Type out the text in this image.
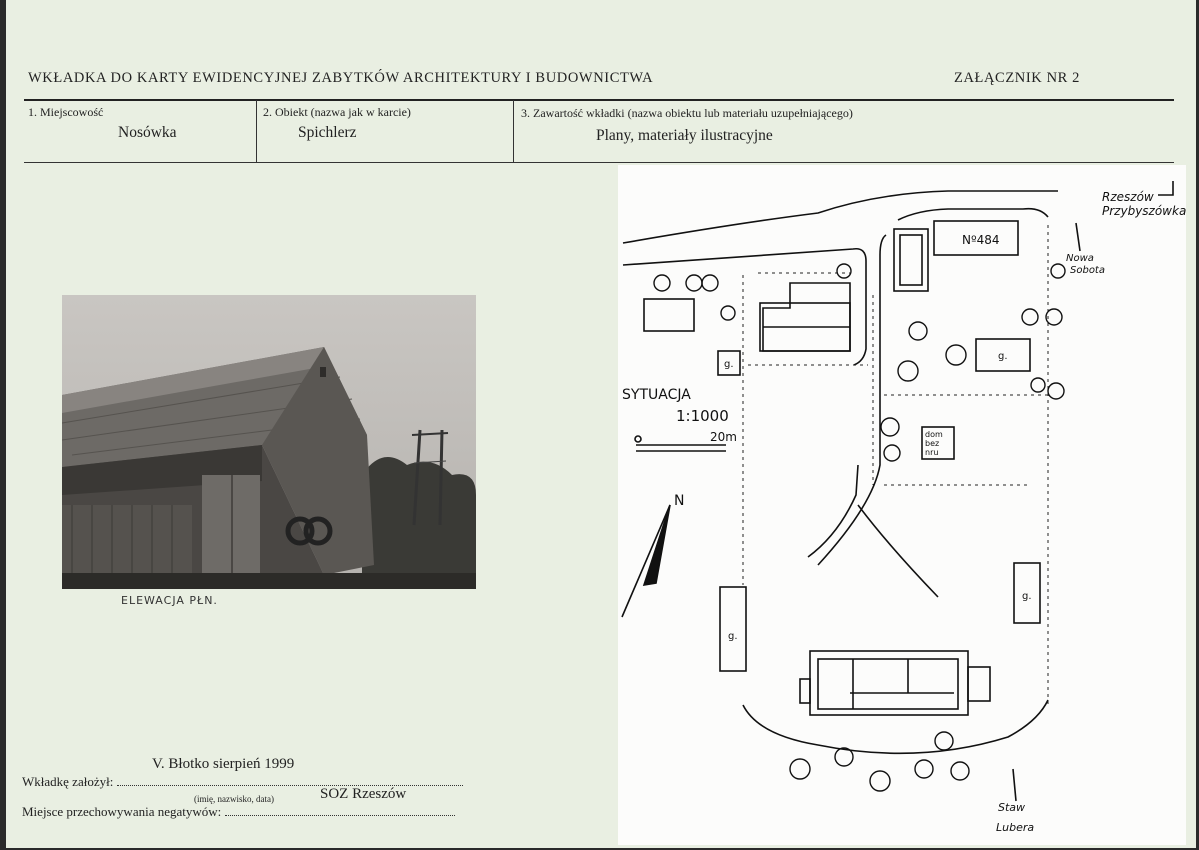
WKŁADKA DO KARTY EWIDENCYJNEJ ZABYTKÓW ARCHITEKTURY I BUDOWNICTWA	ZAŁĄCZNIK NR 2
1. Miejscowość
Nosówka
2. Obiekt (nazwa jak w karcie)
Spichlerz
3. Zawartość wkładki (nazwa obiektu lub materiału uzupełniającego)
Plany, materiały ilustracyjne
ELEWACJA PŁN.
Rzeszów
Przybyszówka
Nowa
Sobota
Nº484
SYTUACJA
1:1000
20m
N
g.
g.
g.
g.
dom
bez
nru
Staw
Lubera
V. Błotko sierpień 1999
Wkładkę założył:
(imię, nazwisko, data)	SOZ Rzeszów
Miejsce przechowywania negatywów:
